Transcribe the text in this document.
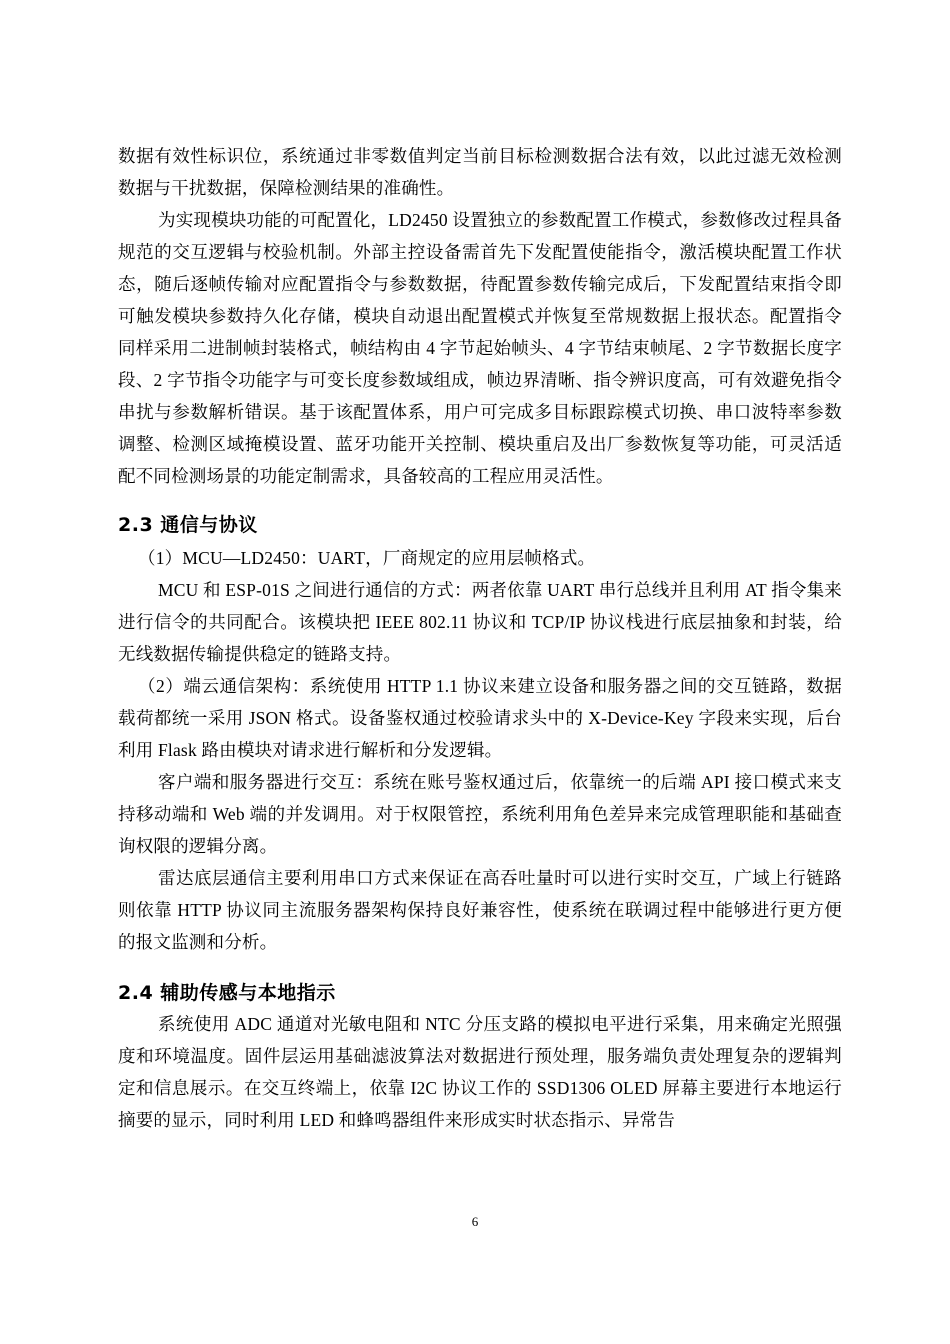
数据有效性标识位，系统通过非零数值判定当前目标检测数据合法有效，以此过滤无效检测数据与干扰数据，保障检测结果的准确性。

为实现模块功能的可配置化，LD2450 设置独立的参数配置工作模式，参数修改过程具备规范的交互逻辑与校验机制。外部主控设备需首先下发配置使能指令，激活模块配置工作状态，随后逐帧传输对应配置指令与参数数据，待配置参数传输完成后，下发配置结束指令即可触发模块参数持久化存储，模块自动退出配置模式并恢复至常规数据上报状态。配置指令同样采用二进制帧封装格式，帧结构由 4 字节起始帧头、4 字节结束帧尾、2 字节数据长度字段、2 字节指令功能字与可变长度参数域组成，帧边界清晰、指令辨识度高，可有效避免指令串扰与参数解析错误。基于该配置体系，用户可完成多目标跟踪模式切换、串口波特率参数调整、检测区域掩模设置、蓝牙功能开关控制、模块重启及出厂参数恢复等功能，可灵活适配不同检测场景的功能定制需求，具备较高的工程应用灵活性。

2.3 通信与协议

（1）MCU—LD2450：UART，厂商规定的应用层帧格式。

MCU 和 ESP-01S 之间进行通信的方式：两者依靠 UART 串行总线并且利用 AT 指令集来进行信令的共同配合。该模块把 IEEE 802.11 协议和 TCP/IP 协议栈进行底层抽象和封装，给无线数据传输提供稳定的链路支持。

（2）端云通信架构：系统使用 HTTP 1.1 协议来建立设备和服务器之间的交互链路，数据载荷都统一采用 JSON 格式。设备鉴权通过校验请求头中的 X-Device-Key 字段来实现，后台利用 Flask 路由模块对请求进行解析和分发逻辑。

客户端和服务器进行交互：系统在账号鉴权通过后，依靠统一的后端 API 接口模式来支持移动端和 Web 端的并发调用。对于权限管控，系统利用角色差异来完成管理职能和基础查询权限的逻辑分离。

雷达底层通信主要利用串口方式来保证在高吞吐量时可以进行实时交互，广域上行链路则依靠 HTTP 协议同主流服务器架构保持良好兼容性，使系统在联调过程中能够进行更方便的报文监测和分析。

2.4 辅助传感与本地指示

系统使用 ADC 通道对光敏电阻和 NTC 分压支路的模拟电平进行采集，用来确定光照强度和环境温度。固件层运用基础滤波算法对数据进行预处理，服务端负责处理复杂的逻辑判定和信息展示。在交互终端上，依靠 I2C 协议工作的 SSD1306 OLED 屏幕主要进行本地运行摘要的显示，同时利用 LED 和蜂鸣器组件来形成实时状态指示、异常告

6
